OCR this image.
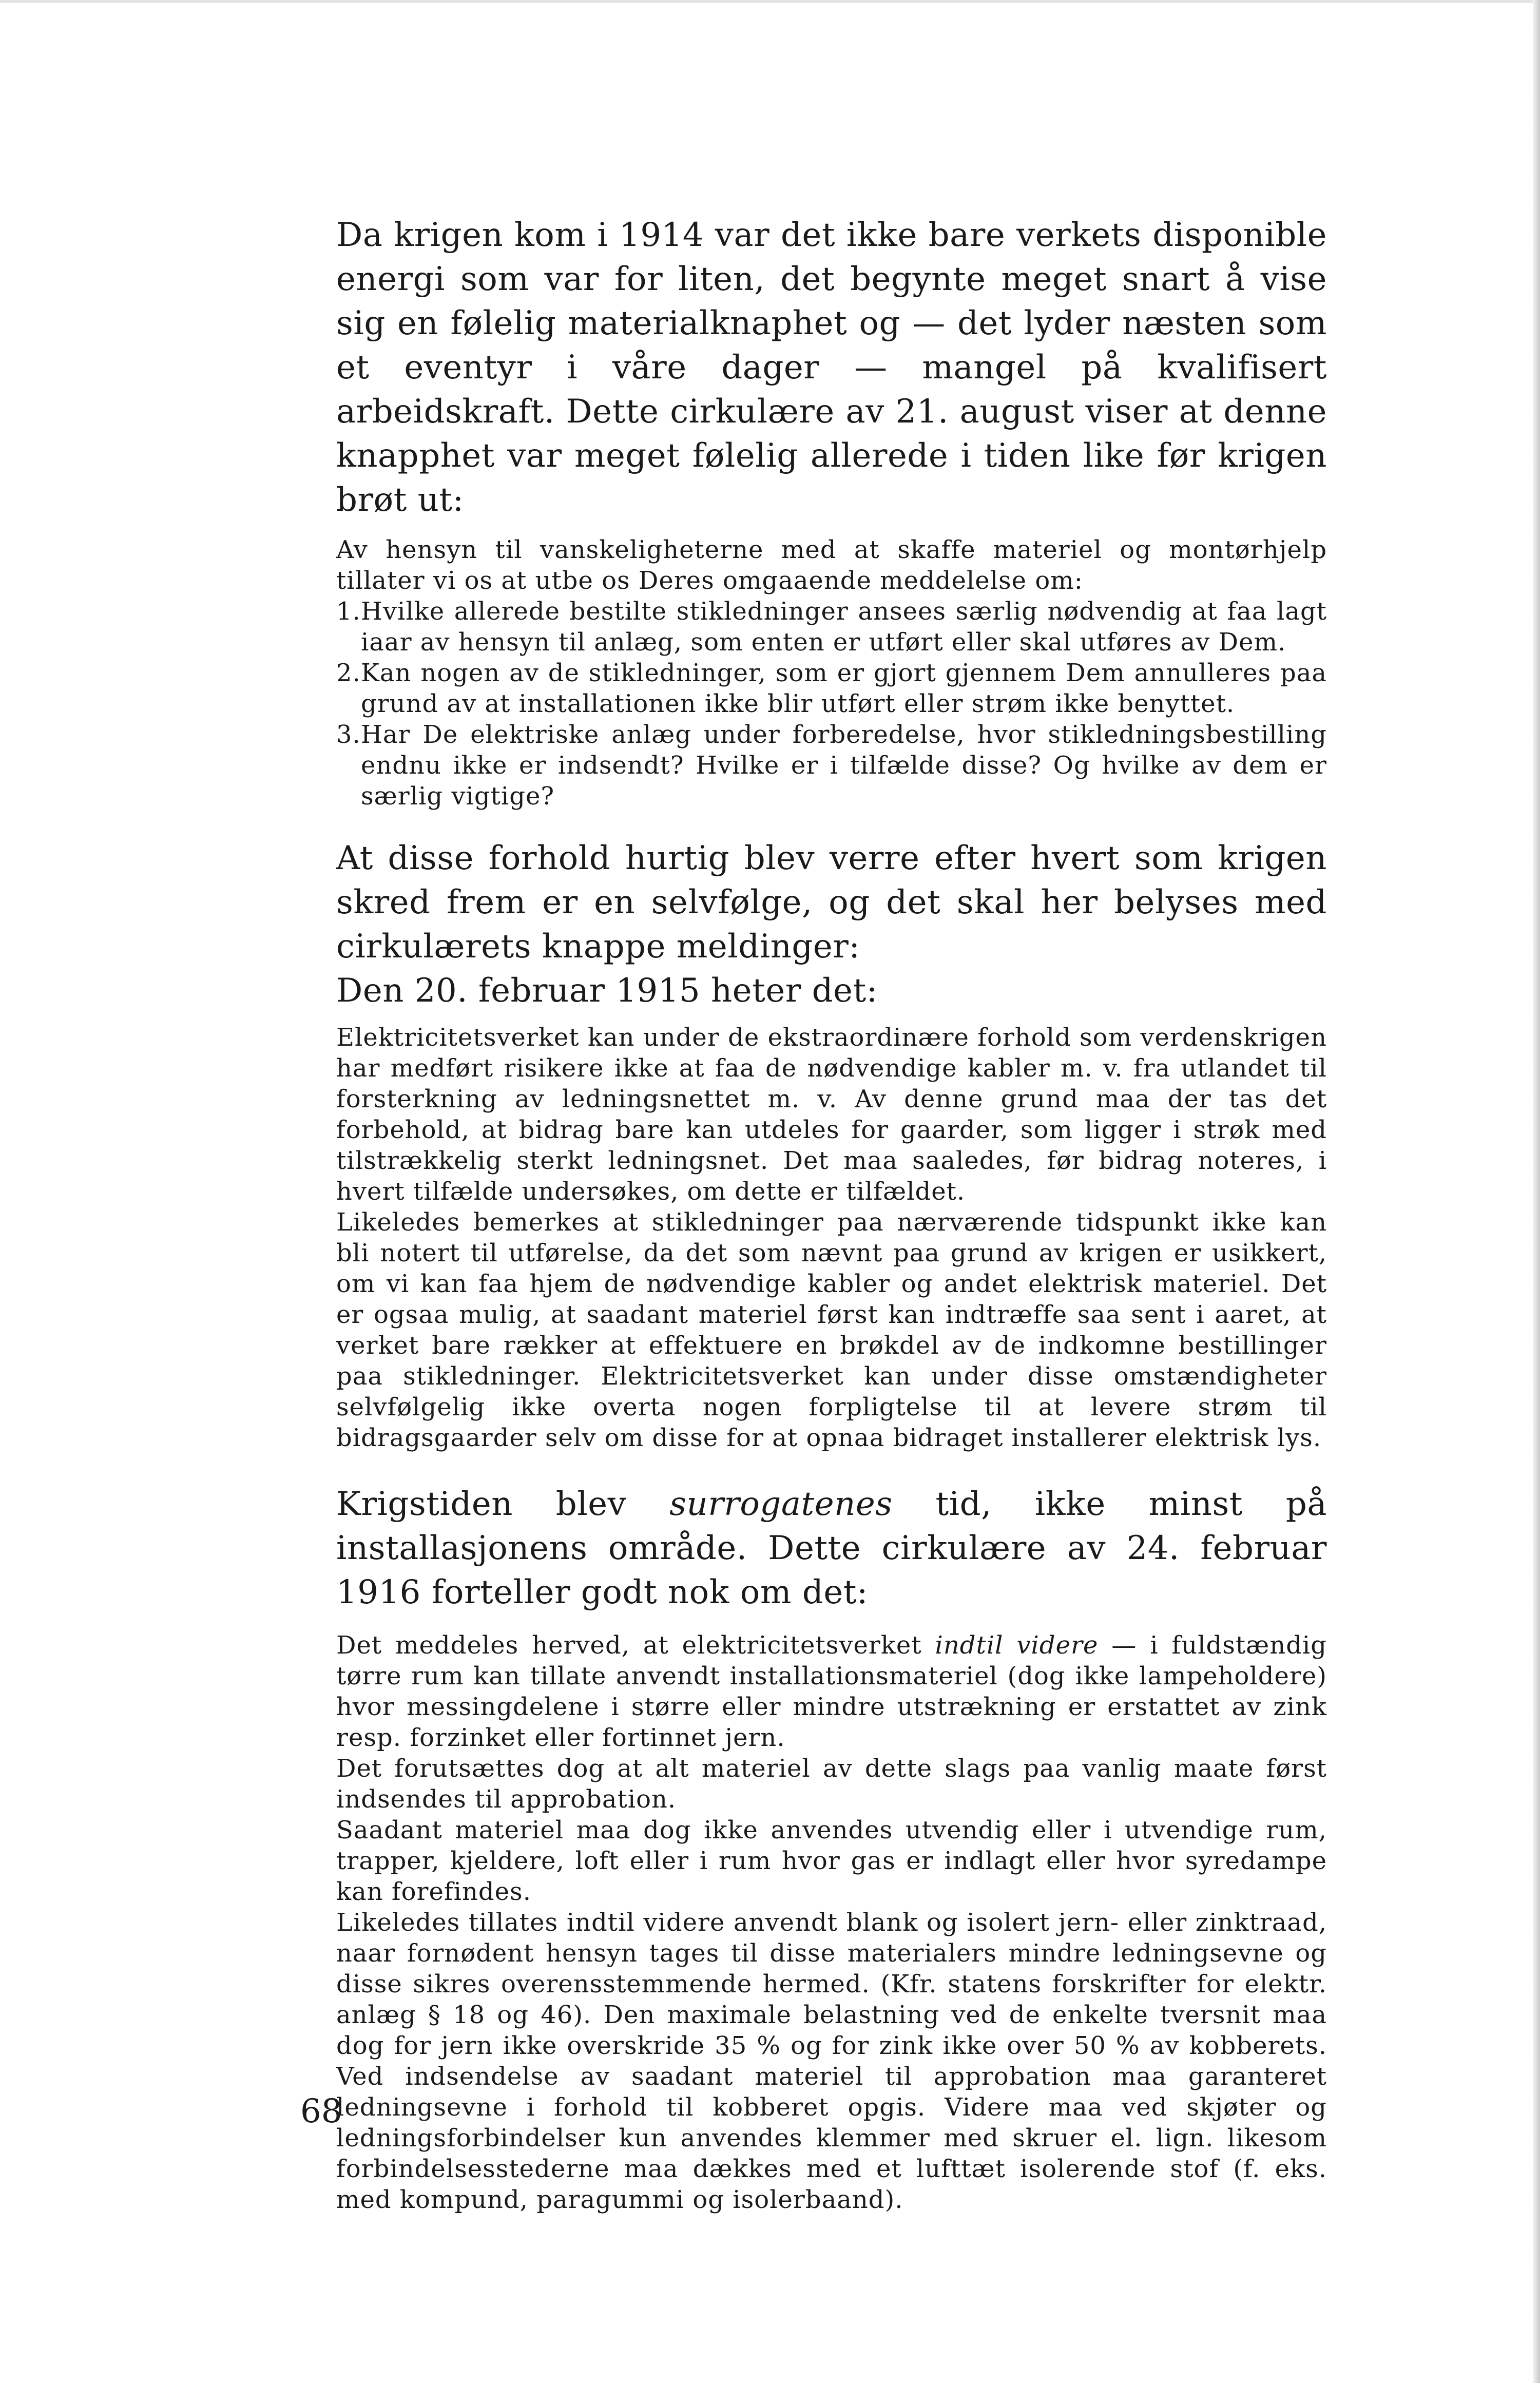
Da krigen kom i 1914 var det ikke bare verkets disponible energi som var for liten, det begynte meget snart å vise sig en følelig materialknaphet og — det lyder næsten som et eventyr i våre dager — mangel på kvalifisert arbeidskraft. Dette cirkulære av 21. august viser at denne knapphet var meget følelig allerede i tiden like før krigen brøt ut:

Av hensyn til vanskeligheterne med at skaffe materiel og montørhjelp tillater vi os at utbe os Deres omgaaende meddelelse om:

1. Hvilke allerede bestilte stikledninger ansees særlig nødvendig at faa lagt iaar av hensyn til anlæg, som enten er utført eller skal utføres av Dem.
2. Kan nogen av de stikledninger, som er gjort gjennem Dem annulleres paa grund av at installationen ikke blir utført eller strøm ikke benyttet.
3. Har De elektriske anlæg under forberedelse, hvor stikledningsbestilling endnu ikke er indsendt? Hvilke er i tilfælde disse? Og hvilke av dem er særlig vigtige?

At disse forhold hurtig blev verre efter hvert som krigen skred frem er en selvfølge, og det skal her belyses med cirkulærets knappe meldinger:

Den 20. februar 1915 heter det:

Elektricitetsverket kan under de ekstraordinære forhold som verdenskrigen har medført risikere ikke at faa de nødvendige kabler m. v. fra utlandet til forsterkning av ledningsnettet m. v. Av denne grund maa der tas det forbehold, at bidrag bare kan utdeles for gaarder, som ligger i strøk med tilstrækkelig sterkt ledningsnet. Det maa saaledes, før bidrag noteres, i hvert tilfælde undersøkes, om dette er tilfældet.

Likeledes bemerkes at stikledninger paa nærværende tidspunkt ikke kan bli notert til utførelse, da det som nævnt paa grund av krigen er usikkert, om vi kan faa hjem de nødvendige kabler og andet elektrisk materiel. Det er ogsaa mulig, at saadant materiel først kan indtræffe saa sent i aaret, at verket bare rækker at effektuere en brøkdel av de indkomne bestillinger paa stikledninger. Elektricitetsverket kan under disse omstændigheter selvfølgelig ikke overta nogen forpligtelse til at levere strøm til bidragsgaarder selv om disse for at opnaa bidraget installerer elektrisk lys.

Krigstiden blev surrogatenes tid, ikke minst på installasjonens område. Dette cirkulære av 24. februar 1916 forteller godt nok om det:

Det meddeles herved, at elektricitetsverket indtil videre — i fuldstændig tørre rum kan tillate anvendt installationsmateriel (dog ikke lampeholdere) hvor messingdelene i større eller mindre utstrækning er erstattet av zink resp. forzinket eller fortinnet jern.

Det forutsættes dog at alt materiel av dette slags paa vanlig maate først indsendes til approbation.

Saadant materiel maa dog ikke anvendes utvendig eller i utvendige rum, trapper, kjeldere, loft eller i rum hvor gas er indlagt eller hvor syredampe kan forefindes.

Likeledes tillates indtil videre anvendt blank og isolert jern- eller zinktraad, naar fornødent hensyn tages til disse materialers mindre ledningsevne og disse sikres overensstemmende hermed. (Kfr. statens forskrifter for elektr. anlæg § 18 og 46). Den maximale belastning ved de enkelte tversnit maa dog for jern ikke overskride 35 % og for zink ikke over 50 % av kobberets. Ved indsendelse av saadant materiel til approbation maa garanteret ledningsevne i forhold til kobberet opgis. Videre maa ved skjøter og ledningsforbindelser kun anvendes klemmer med skruer el. lign. likesom forbindelsesstederne maa dækkes med et lufttæt isolerende stof (f. eks. med kompund, paragummi og isolerbaand).

68
